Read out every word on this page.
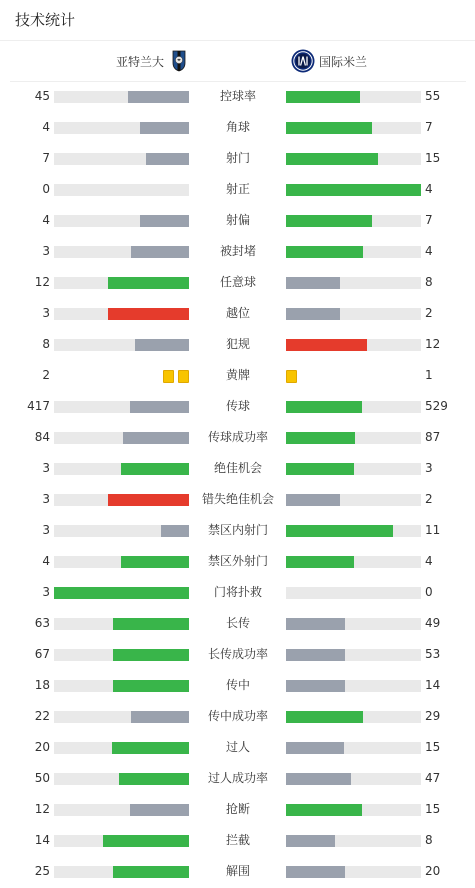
技术统计
亚特兰大	国际米兰
45	控球率	55
4	角球	7
7	射门	15
0	射正	4
4	射偏	7
3	被封堵	4
12	任意球	8
3	越位	2
8	犯规	12
2	黄牌	1
417	传球	529
84	传球成功率	87
3	绝佳机会	3
3	错失绝佳机会	2
3	禁区内射门	11
4	禁区外射门	4
3	门将扑救	0
63	长传	49
67	长传成功率	53
18	传中	14
22	传中成功率	29
20	过人	15
50	过人成功率	47
12	抢断	15
14	拦截	8
25	解围	20
